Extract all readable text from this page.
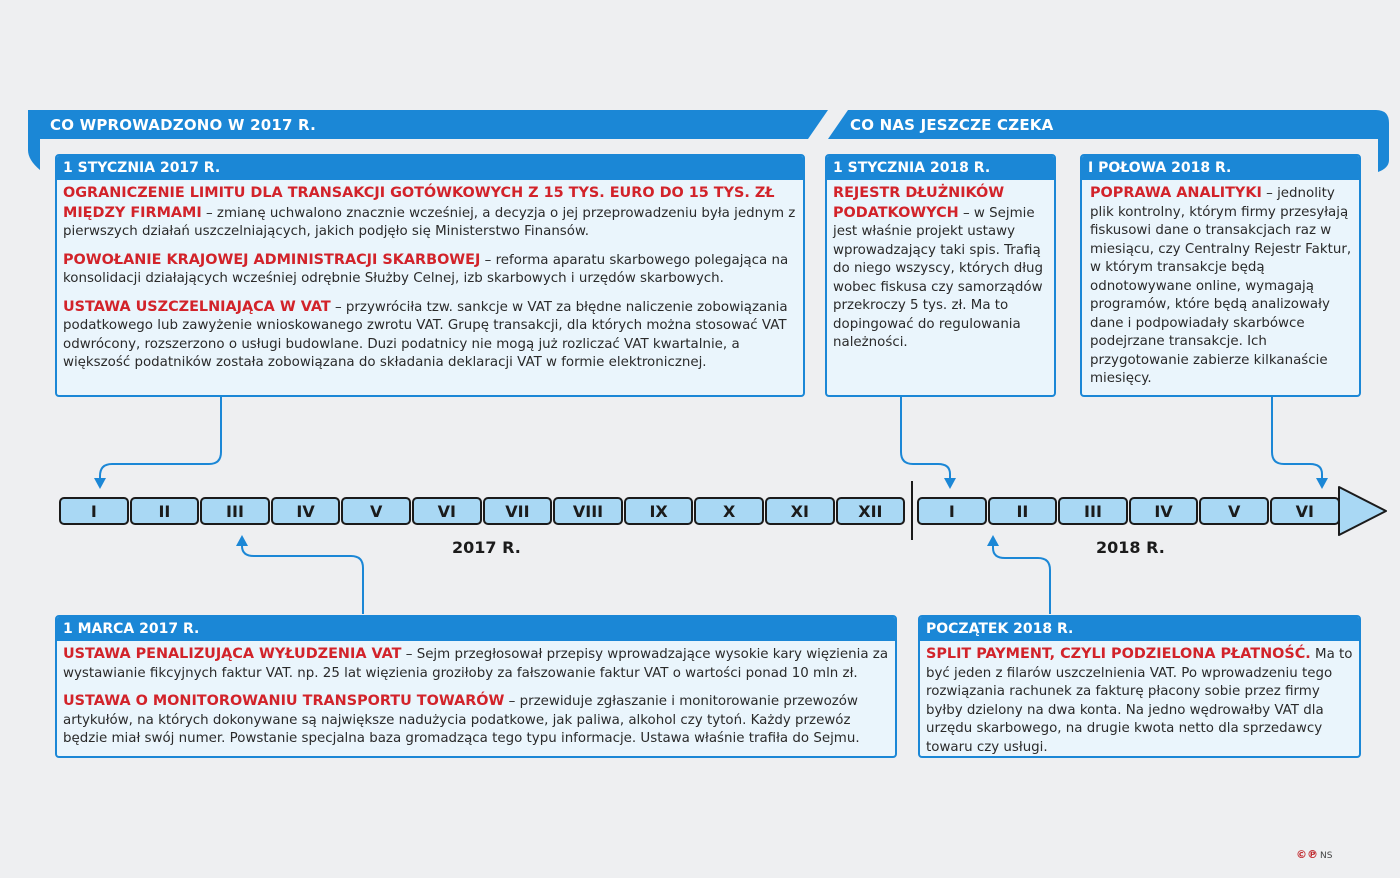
CO WPROWADZONO W 2017 R.	CO NAS JESZCZE CZEKA
1 STYCZNIA 2017 R.

OGRANICZENIE LIMITU DLA TRANSAKCJI GOTÓWKOWYCH Z 15 TYS. EURO DO 15 TYS. ZŁ MIĘDZY FIRMAMI – zmianę uchwalono znacznie wcześniej, a decyzja o jej przeprowadzeniu była jednym z pierwszych działań uszczelniających, jakich podjęło się Ministerstwo Finansów.

POWOŁANIE KRAJOWEJ ADMINISTRACJI SKARBOWEJ – reforma aparatu skarbowego polegająca na konsolidacji działających wcześniej odrębnie Służby Celnej, izb skarbowych i urzędów skarbowych.

USTAWA USZCZELNIAJĄCA W VAT – przywróciła tzw. sankcje w VAT za błędne naliczenie zobowiązania podatkowego lub zawyżenie wnioskowanego zwrotu VAT. Grupę transakcji, dla których można stosować VAT odwrócony, rozszerzono o usługi budowlane. Duzi podatnicy nie mogą już rozliczać VAT kwartalnie, a większość podatników została zobowiązana do składania deklaracji VAT w formie elektronicznej.

1 STYCZNIA 2018 R.

REJESTR DŁUŻNIKÓW PODATKOWYCH – w Sejmie jest właśnie projekt ustawy wprowadzający taki spis. Trafią do niego wszyscy, których dług wobec fiskusa czy samorządów przekroczy 5 tys. zł. Ma to dopingować do regulowania należności.

I POŁOWA 2018 R.

POPRAWA ANALITYKI – jednolity plik kontrolny, którym firmy przesyłają fiskusowi dane o transakcjach raz w miesiącu, czy Centralny Rejestr Faktur, w którym transakcje będą odnotowywane online, wymagają programów, które będą analizowały dane i podpowiadały skarbówce podejrzane transakcje. Ich przygotowanie zabierze kilkanaście miesięcy.

I	II	III	IV	V	VI	VII	VIII	IX	X	XI	XII	I	II	III	IV	V	VI
2017 R.	2018 R.
1 MARCA 2017 R.

USTAWA PENALIZUJĄCA WYŁUDZENIA VAT – Sejm przegłosował przepisy wprowadzające wysokie kary więzienia za wystawianie fikcyjnych faktur VAT. np. 25 lat więzienia groziłoby za fałszowanie faktur VAT o wartości ponad 10 mln zł.

USTAWA O MONITOROWANIU TRANSPORTU TOWARÓW – przewiduje zgłaszanie i monitorowanie przewozów artykułów, na których dokonywane są największe nadużycia podatkowe, jak paliwa, alkohol czy tytoń. Każdy przewóz będzie miał swój numer. Powstanie specjalna baza gromadząca tego typu informacje. Ustawa właśnie trafiła do Sejmu.

POCZĄTEK 2018 R.

SPLIT PAYMENT, CZYLI PODZIELONA PŁATNOŚĆ. Ma to być jeden z filarów uszczelnienia VAT. Po wprowadzeniu tego rozwiązania rachunek za fakturę płacony sobie przez firmy byłby dzielony na dwa konta. Na jedno wędrowałby VAT dla urzędu skarbowego, na drugie kwota netto dla sprzedawcy towaru czy usługi.

©℗ NS
